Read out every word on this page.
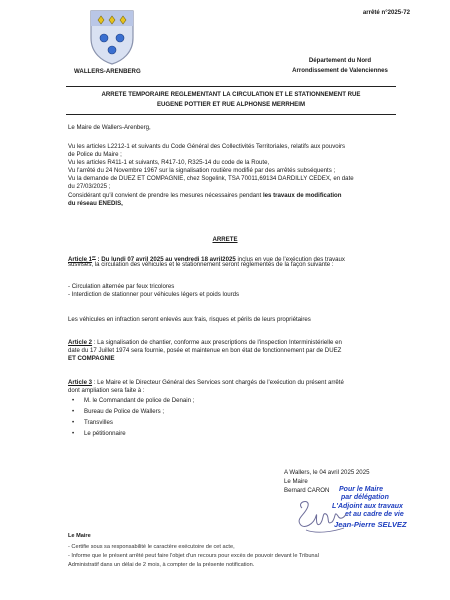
arrêté n°2025-72
Département du Nord
Arrondissement de Valenciennes
WALLERS-ARENBERG
ARRETE TEMPORAIRE REGLEMENTANT LA CIRCULATION ET LE STATIONNEMENT RUE
EUGENE POTTIER ET RUE ALPHONSE MERRHEIM
Le Maire de Wallers-Arenberg,
Vu les articles L2212-1 et suivants du Code Général des Collectivités Territoriales, relatifs aux pouvoirs
de Police du Maire ;
Vu les articles R411-1 et suivants, R417-10, R325-14 du code de la Route,
Vu l'arrêté du 24 Novembre 1967 sur la signalisation routière modifié par des arrêtés subséquents ;
Vu la demande de DUEZ ET COMPAGNIE, chez Sogelink, TSA 70011,69134 DARDILLY CEDEX, en date
du 27/03/2025 ;
Considérant qu'il convient de prendre les mesures nécessaires pendant les travaux de modification
du réseau ENEDIS,
ARRETE
Article 1er : Du lundi 07 avril 2025 au vendredi 18 avril2025 inclus en vue de l'exécution des travaux
susvisés, la circulation des véhicules et le stationnement seront réglementés de la façon suivante :
- Circulation alternée par feux tricolores
- Interdiction de stationner pour véhicules légers et poids lourds
Les véhicules en infraction seront enlevés aux frais, risques et périls de leurs propriétaires
Article 2 : La signalisation de chantier, conforme aux prescriptions de l'inspection Interministérielle en
date du 17 Juillet 1974 sera fournie, posée et maintenue en bon état de fonctionnement par de DUEZ
ET COMPAGNIE
Article 3 : Le Maire et le Directeur Général des Services sont chargés de l'exécution du présent arrêté
dont ampliation sera faite à :
• M. le Commandant de police de Denain ;
• Bureau de Police de Wallers ;
• Transvilles
• Le pétitionnaire
A Wallers, le 04 avril 2025 2025
Le Maire
Bernard CARON Pour le Maire
par délégation
L'Adjoint aux travaux
et au cadre de vie
Jean-Pierre SELVEZ
Le Maire
- Certifie sous sa responsabilité le caractère exécutoire de cet acte,
- Informe que le présent arrêté peut faire l'objet d'un recours pour excès de pouvoir devant le Tribunal
Administratif dans un délai de 2 mois, à compter de la présente notification.
